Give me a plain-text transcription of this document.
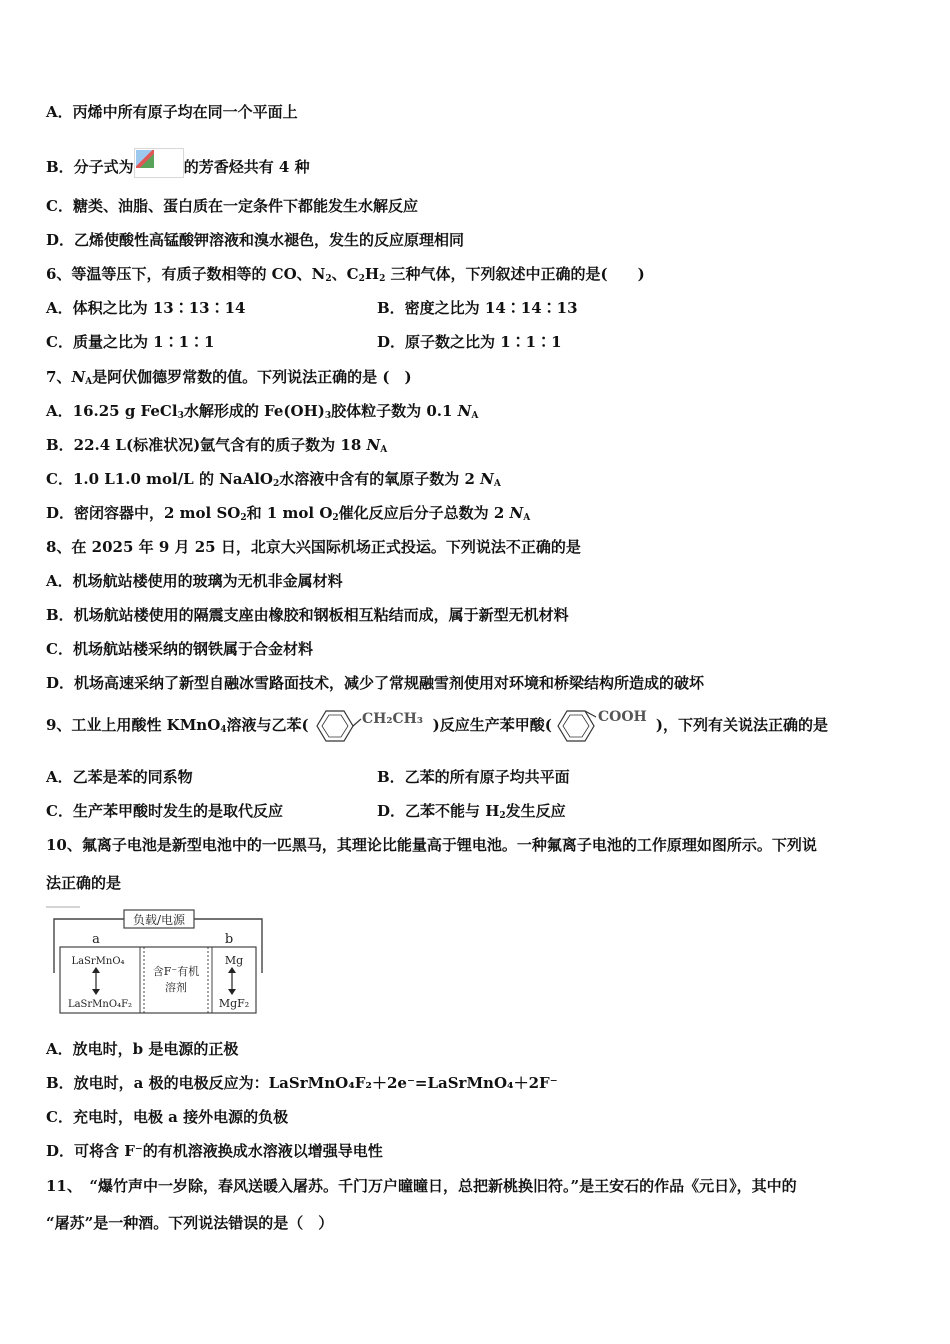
A．丙烯中所有原子均在同一个平面上
B．分子式为	的芳香烃共有 4 种
C．糖类、油脂、蛋白质在一定条件下都能发生水解反应
D．乙烯使酸性高锰酸钾溶液和溴水褪色，发生的反应原理相同
6、等温等压下，有质子数相等的 CO、$N_2$、$C_2H_2$ 三种气体，下列叙述中正确的是(　　)
A．体积之比为 13∶13∶14	B．密度之比为 14∶14∶13
C．质量之比为 1∶1∶1	D．原子数之比为 1∶1∶1
7、$N_A$是阿伏伽德罗常数的值。下列说法正确的是 (　)
A．16.25 g FeCl$_3$水解形成的 $Fe(OH)_3$胶体粒子数为 0.1 $N_A$
B．22.4 L(标准状况)氩气含有的质子数为 18 $N_A$
C．1.0 L1.0 mol/L 的 NaAlO$_2$水溶液中含有的氧原子数为 2 $N_A$
D．密闭容器中，2 mol $SO_2$和 1 mol $O_2$催化反应后分子总数为 2 $N_A$
8、在 2025 年 9 月 25 日，北京大兴国际机场正式投运。下列说法不正确的是
A．机场航站楼使用的玻璃为无机非金属材料
B．机场航站楼使用的隔震支座由橡胶和钢板相互粘结而成，属于新型无机材料
C．机场航站楼采纳的钢铁属于合金材料
D．机场高速采纳了新型自融冰雪路面技术，减少了常规融雪剂使用对环境和桥梁结构所造成的破坏
9、工业上用酸性 KMnO$_4$溶液与乙苯(	CH₂CH₃ )反应生产苯甲酸(	COOH )，下列有关说法正确的是
A．乙苯是苯的同系物	B．乙苯的所有原子均共平面
C．生产苯甲酸时发生的是取代反应	D．乙苯不能与 $H_2$发生反应
10、氟离子电池是新型电池中的一匹黑马，其理论比能量高于锂电池。一种氟离子电池的工作原理如图所示。下列说
法正确的是
负载/电源
a	b
LaSrMnO₄
LaSrMnO₄F₂
含F⁻有机
溶剂
Mg
MgF₂
A．放电时，b 是电源的正极
B．放电时，a 极的电极反应为：LaSrMnO₄F₂＋2e⁻=LaSrMnO₄＋2F⁻
C．充电时，电极 a 接外电源的负极
D．可将含 F⁻的有机溶液换成水溶液以增强导电性
11、　“爆竹声中一岁除，春风送暖入屠苏。千门万户曈曈日，总把新桃换旧符。”是王安石的作品《元日》，其中的
“屠苏”是一种酒。下列说法错误的是（　）
